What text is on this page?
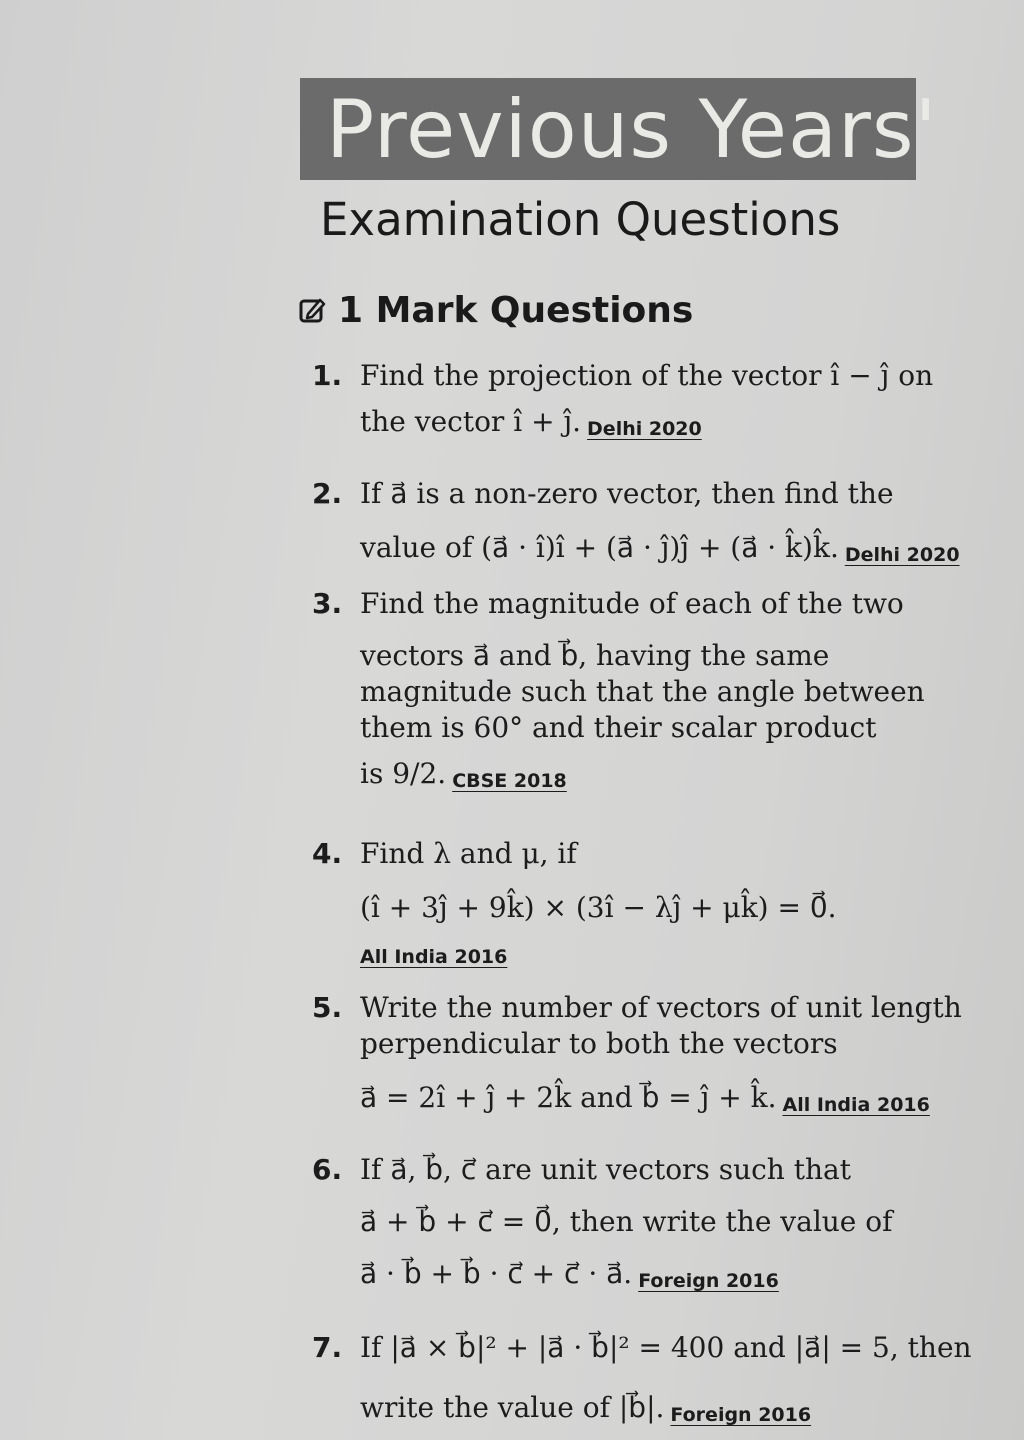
Previous Years'
Examination Questions
1 Mark Questions
1. Find the projection of the vector î − ĵ on
the vector î + ĵ. Delhi 2020
2. If a⃗ is a non-zero vector, then find the
value of (a⃗ · î)î + (a⃗ · ĵ)ĵ + (a⃗ · k̂)k̂. Delhi 2020
3. Find the magnitude of each of the two
vectors a⃗ and b⃗, having the same
magnitude such that the angle between
them is 60° and their scalar product
is 9/2. CBSE 2018
4. Find λ and μ, if
(î + 3ĵ + 9k̂) × (3î − λĵ + μk̂) = 0⃗.
All India 2016
5. Write the number of vectors of unit length
perpendicular to both the vectors
a⃗ = 2î + ĵ + 2k̂ and b⃗ = ĵ + k̂. All India 2016
6. If a⃗, b⃗, c⃗ are unit vectors such that
a⃗ + b⃗ + c⃗ = 0⃗, then write the value of
a⃗ · b⃗ + b⃗ · c⃗ + c⃗ · a⃗. Foreign 2016
7. If |a⃗ × b⃗|² + |a⃗ · b⃗|² = 400 and |a⃗| = 5, then
write the value of |b⃗|. Foreign 2016
